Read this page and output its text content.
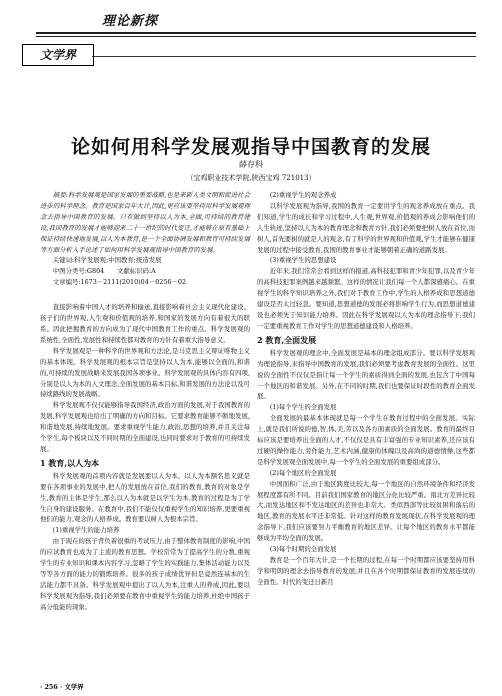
理论新探
文学界
论如何用科学发展观指导中国教育的发展
薛存科
（宝鸡职业技术学院,陕西宝鸡 721013）

摘要:科学发展观是国家发展的重要战略,也是来新人类文明和促进社会进步的科学理念。教育是国家百年大计,因此,更应该要坚持用科学发展观理念去指导中国教育的发展。只有做到坚持以人为本,全面,可持续的教育建设,我国教育的发展才能够迎来二十一世纪的时代变迁,才能够在原有基础上保证持续快速地发展,以人为本教育,是一个全面协调发展和教育可持续发展等方面分析入手论述了如何用科学发展观指导中国教育的发展。

关键词:科学发展观;中国教育;统造发展

中图分类号:G804　　文献标识码:A

文章编号:1673－2111(2010)04－0256－02

直接影响着中国人才的培养和输送,直接影响着社会主义现代化建设。孩子们的世界观,人生观和价值观的培养,和国家的发展方向有着很大的联系。因此把握教育的方向成为了现代中国教育工作的重点。科学发展观的系统性,全面性,发展性和持续性都对教育的方针有着重大指导意义。

科学发展观是一种科学的世界观和方法论,是马克思主义辩证唯物主义的基本体现。科学发展观的根本宗旨是坚持以人为本,能够以全面的,和谐的,可持续的发展战略来发展我国各项事业。科学发展观的具体内容有四项,分别是以人为本的人文理念,全面发展的基本目标,和谐发展的方法论以及可持续路线的发展战略。

科学发展观不仅仅能够指导我国经济,政治方面的发展,对于我国教育的发展,科学发展观也给出了明确的方向和目标。它要求教育能够不断地发展,和谐地发展,持续地发展。要求重视学生能力,政治,思想的培养,并且关注每个学生,每个板块以及不同时期的全面建设,也同时要求对于教育的可持续发展。

1 教育,以人为本

科学发展观的首项内容就是发展要以人为本。以人为本额名思义就是要在各项事业的发展中,把人的发展放在首位,我们的教育,教育的对象是学生,教育的主体是学生,那么以人为本就是以学生为本,教育的过程是为了学生自身的建设服务。在教育中,我们不能仅仅重视学生的知识培养,更要重视他们的能力,观念的人格养成。教育要以树人为根本宗旨。

(1)重视学生的能力培养

由于现在的孩子背负着很重的考试压力,由于整体教育制度的影响,中国的应试教育也成为了主流的教育思想。学校常常为了提高学生的分数,重视学生的专业知识和课本内容学习,忽略了学生的实践能力,集体活动能力以及等等各方面的能力的锻炼培养。很多的孩子成绩优异但是竟然连基本的生活能力都不具备。科学发展观中提出了以人为本,注重人的养成,因此,要以科学发展观为指导,我们必须要在教育中重视学生的能力培养,杜绝中国孩子高分低能的现象。

(2)重视学生的观念养成

以科学发展观为指导,我国的教育一定要讲学生的观念养成放在重点。我们知道,学生的成长和学习过程中,人生观,世界观,价值观的养成会影响他们的人生轨迹,坚持以人为本的教育理念和教育方针,我们必须要把树人放在首位,而树人,首先要树的就是人的观念,有了科学的世界观和价值观,学生才能够在健康发展的过程中接受教育,我国的教育事业才能够朝着正确的道路发展。

(3)重视学生的思想建设

近年来,我们常常会看到这样的报道,高科技犯罪和青少年犯罪,以及青少年的高科技犯罪案例越来越频繁。这样的情况让我们每一个人都深感痛心。在重视学生的科学知识培养之外,我们对于教育工作中,学生的人格养成和思想道德建设是否太过轻忽。要知道,思想道德的发展必将影响学生行为,而思想道德建设也必须先于知识能力培养。因此在科学发展观以人为本的理念指导下,我们一定要重视教育工作对学生的思想道德建设和人格培养。

2 教育,全面发展

科学发展观的理念中,全面发展是基本的理念组成部分。要以科学发展观为理论指导,来指导中国教育的发展,我们必须要考虑教育发展的全面性。这里说的全面性不仅仅是指让每一个学生的素质得到全面的发展,也包含了中国每一个地区的和谐发展。另外,在不同的时期,我们也要保证时段性的教育全面发展。

(1)每个学生的全面发展

全面发展的最基本体现就是每一个学生在教育过程中的全面发展。实际上,就是我们所说的德,智,体,美,劳以及各方面素质的全面发展。教育的最终目标应该是要培养出全面的人才,不仅仅是具有丰富强的专业知识素养,还应该有过硬的操作能力,劳作能力,艺术内涵,健康的体魄以及高尚的道德情操,这些都是科学发展观全面发展中,每一个学生的全面发展的重要组成部分。

(2)每个地区的全面发展

中国面积广泛,由于地区跨度比较大,每一个地区的自然环境条件和经济发展程度都有所不同。目前我们国家教育的地区分化比较严重。南北方差异比较大,而发达地区和不发达地区的差异也非常大。类似西部等比较贫困和落后的地区,教育的发展水平还非常低。针对这样的教育发展现状,在科学发展观的理念指导下,我们应该要努力平衡教育的地区差异。让每个地区的教育水平都能够成为平均全面的发展。

(3)每个时期的全面发展

教育是一个百年大计,是一个长期的过程,在每一个时期都应该要坚持用科学和明朗的理念去指导教育的发展,并且在各个时期都保证教育的发展连续的全面性。时代的变迁日新月

· 256 · 文学界
